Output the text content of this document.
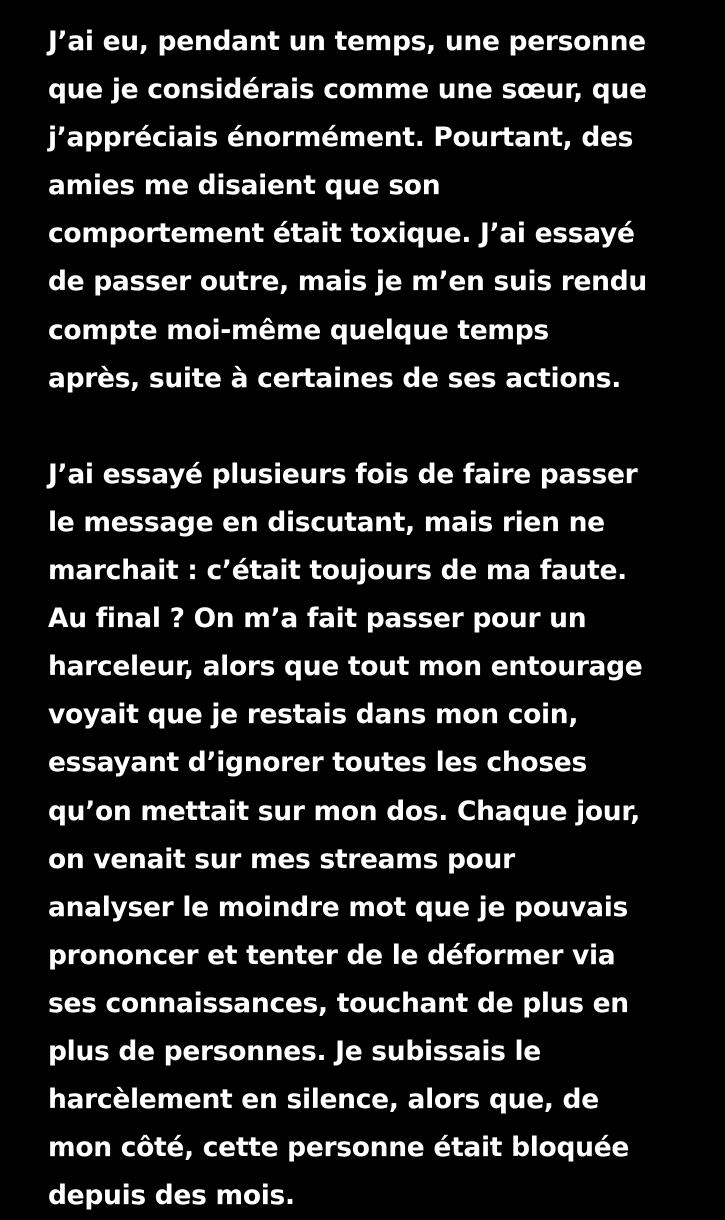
J’ai eu, pendant un temps, une personne
que je considérais comme une sœur, que
j’appréciais énormément. Pourtant, des
amies me disaient que son
comportement était toxique. J’ai essayé
de passer outre, mais je m’en suis rendu
compte moi-même quelque temps
après, suite à certaines de ses actions.
J’ai essayé plusieurs fois de faire passer
le message en discutant, mais rien ne
marchait : c’était toujours de ma faute.
Au final ? On m’a fait passer pour un
harceleur, alors que tout mon entourage
voyait que je restais dans mon coin,
essayant d’ignorer toutes les choses
qu’on mettait sur mon dos. Chaque jour,
on venait sur mes streams pour
analyser le moindre mot que je pouvais
prononcer et tenter de le déformer via
ses connaissances, touchant de plus en
plus de personnes. Je subissais le
harcèlement en silence, alors que, de
mon côté, cette personne était bloquée
depuis des mois.
